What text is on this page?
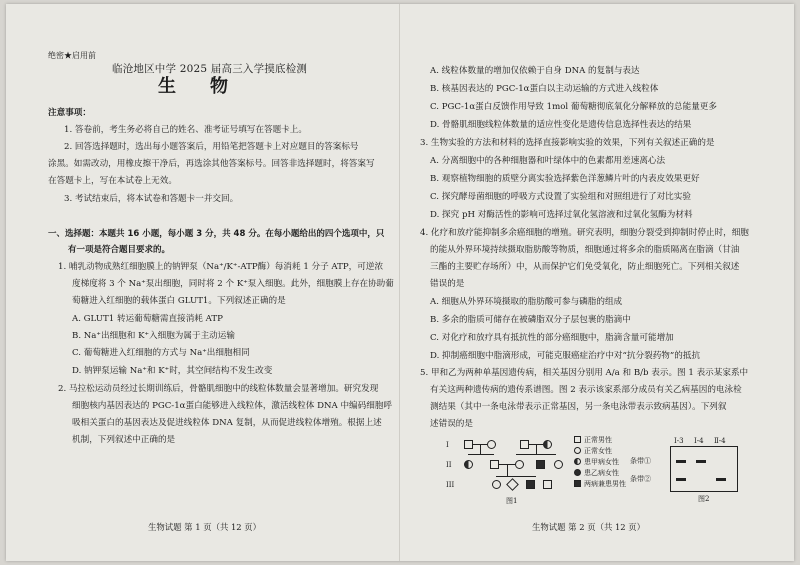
绝密★启用前
临沧地区中学 2025 届高三入学摸底检测
生　物
注意事项：
1. 答卷前，考生务必将自己的姓名、准考证号填写在答题卡上。
2. 回答选择题时，选出每小题答案后，用铅笔把答题卡上对应题目的答案标号
涂黑。如需改动，用橡皮擦干净后，再选涂其他答案标号。回答非选择题时，将答案写
在答题卡上，写在本试卷上无效。
3. 考试结束后，将本试卷和答题卡一并交回。
一、选择题：本题共 16 小题，每小题 3 分，共 48 分。在每小题给出的四个选项中，只
有一项是符合题目要求的。
1. 哺乳动物成熟红细胞膜上的钠钾泵（Na⁺/K⁺-ATP酶）每消耗 1 分子 ATP，可逆浓
度梯度将 3 个 Na⁺泵出细胞，同时将 2 个 K⁺泵入细胞。此外，细胞膜上存在协助葡
萄糖进入红细胞的载体蛋白 GLUT1。下列叙述正确的是
A. GLUT1 转运葡萄糖需直接消耗 ATP
B. Na⁺出细胞和 K⁺入细胞为属于主动运输
C. 葡萄糖进入红细胞的方式与 Na⁺出细胞相同
D. 钠钾泵运输 Na⁺和 K⁺时，其空间结构不发生改变
2. 马拉松运动员经过长期训练后，骨骼肌细胞中的线粒体数量会显著增加。研究发现
细胞核内基因表达的 PGC-1α蛋白能够进入线粒体，激活线粒体 DNA 中编码细胞呼
吸相关蛋白的基因表达及促进线粒体 DNA 复制，从而促进线粒体增殖。根据上述
机制，下列叙述中正确的是
生物试题 第 1 页（共 12 页）
A. 线粒体数量的增加仅依赖于自身 DNA 的复制与表达
B. 核基因表达的 PGC-1α蛋白以主动运输的方式进入线粒体
C. PGC-1α蛋白反馈作用导致 1mol 葡萄糖彻底氧化分解释放的总能量更多
D. 骨骼肌细胞线粒体数量的适应性变化是遗传信息选择性表达的结果
3. 生物实验的方法和材料的选择直接影响实验的效果，下列有关叙述正确的是
A. 分离细胞中的各种细胞器和叶绿体中的色素都用差速离心法
B. 观察植物细胞的质壁分离实验选择紫色洋葱鳞片叶的内表皮效果更好
C. 探究酵母菌细胞的呼吸方式设置了实验组和对照组进行了对比实验
D. 探究 pH 对酶活性的影响可选择过氧化氢溶液和过氧化氢酶为材料
4. 化疗和放疗能抑制多余癌细胞的增殖。研究表明，细胞分裂受到抑制时停止时，细胞
的能从外界环境持续摄取脂肪酸等物质，细胞通过将多余的脂质隔离在脂滴（甘油
三酯的主要贮存场所）中，从而保护它们免受氧化，防止细胞死亡。下列相关叙述
错误的是
A. 细胞从外界环境摄取的脂肪酸可参与磷脂的组成
B. 多余的脂质可储存在被磷脂双分子层包裹的脂滴中
C. 对化疗和放疗具有抵抗性的部分癌细胞中，脂滴含量可能增加
D. 抑制癌细胞中脂滴形成，可能克服癌症治疗中对“抗分裂药物”的抵抗
5. 甲和乙为两种单基因遗传病，相关基因分别用 A/a 和 B/b 表示。图 1 表示某家系中
有关这两种遗传病的遗传系谱图。图 2 表示该家系部分成员有关乙病基因的电泳检
测结果（其中一条电泳带表示正常基因，另一条电泳带表示致病基因）。下列叙
述错误的是
I
II
III
图1
正常男性
正常女性
患甲病女性
患乙病女性
两病兼患男性
Ⅰ-3 Ⅰ-4 Ⅱ-4
条带①
条带②
图2
生物试题 第 2 页（共 12 页）
